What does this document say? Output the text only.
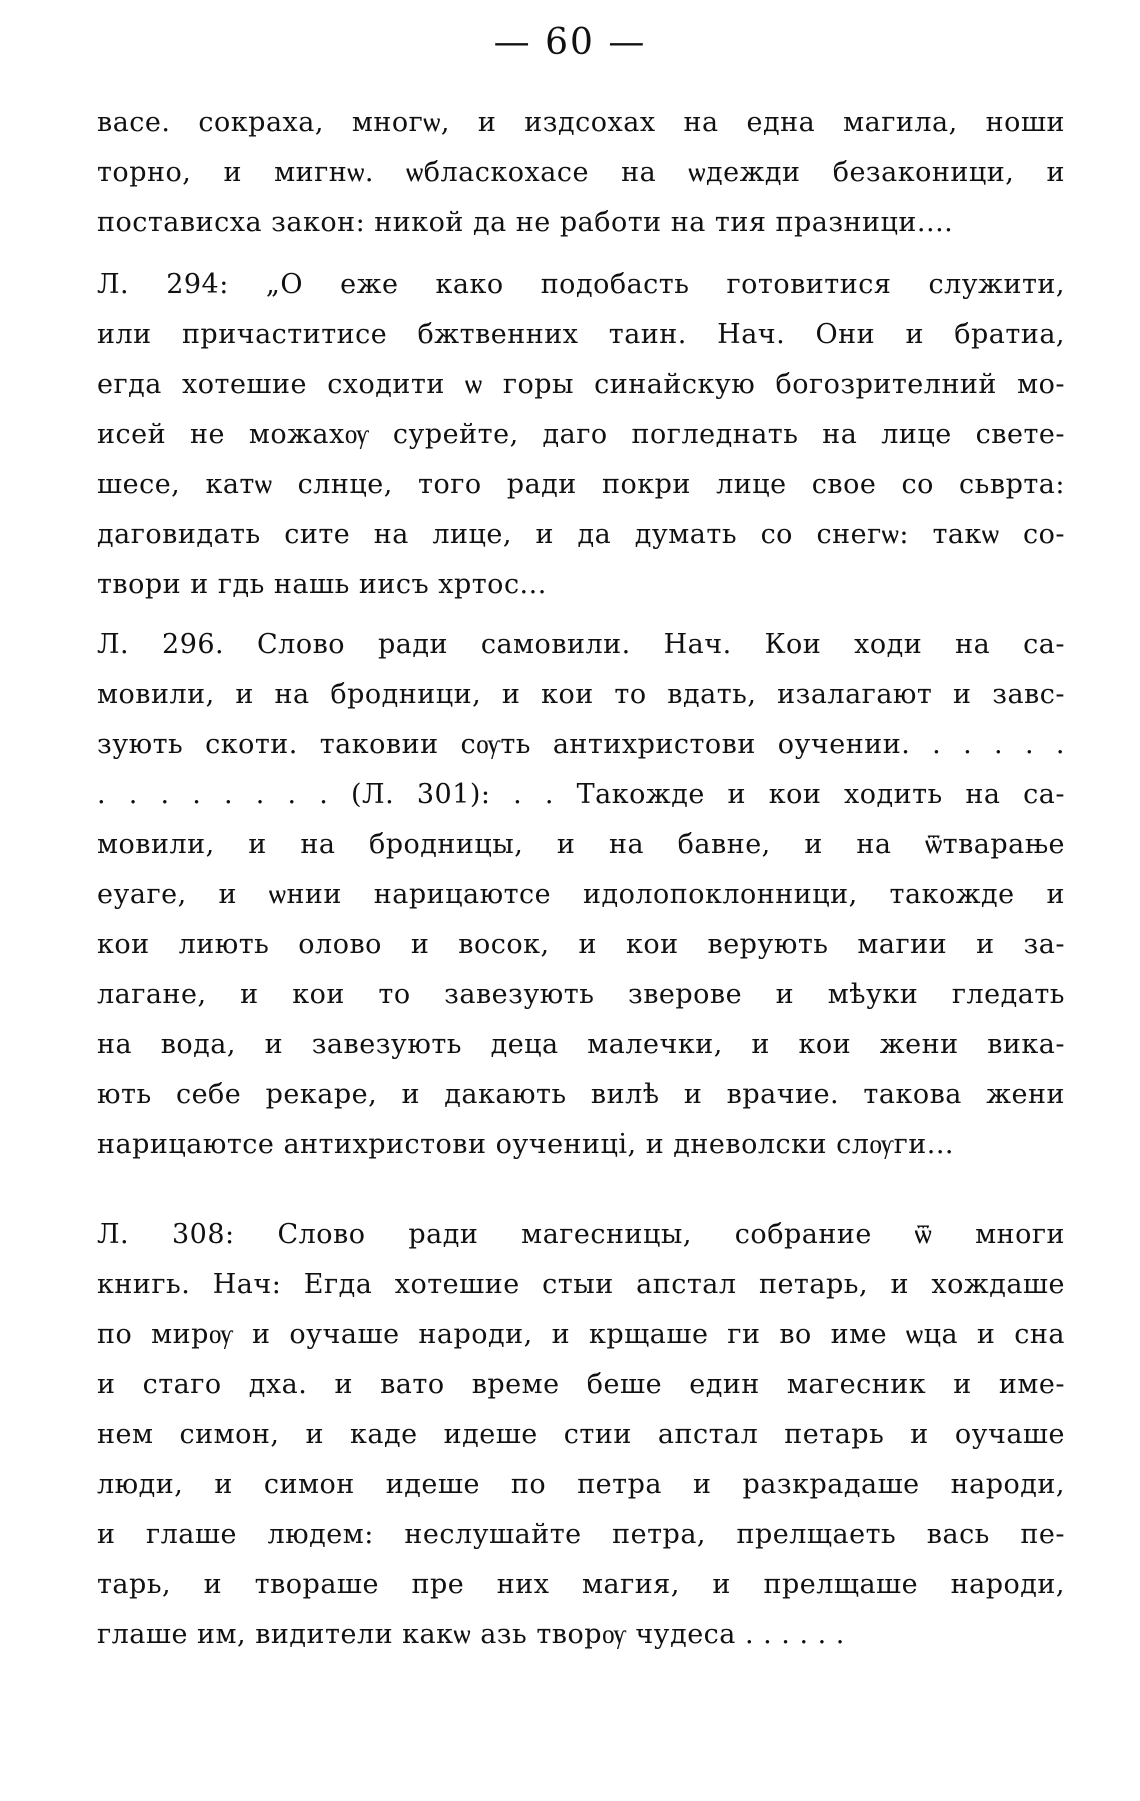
— 60 —
васе. сокраха, многѡ, и издсохах на една магила, ноши
торно, и мигнѡ. ѡбласкохасе на ѡдежди безаконици, и
постависха закон: никой да не работи на тия празници....
Л. 294: „О еже како подобасть готовитися служити,
или причаститисе бжтвенних таин. Нач. Они и братиа,
егда хотешие сходити ѡ горы синайскую богозрителний мо-
исей не можахѹ сурейте, даго погледнать на лице свете-
шесе, катѡ слнце, того ради покри лице свое со сьврта:
даговидать сите на лице, и да думать со снегѡ: такѡ со-
твори и гдь нашь иисъ хртос...
Л. 296. Слово ради самовили. Нач. Кои ходи на са-
мовили, и на бродници, и кои то вдать, изалагают и завс-
зують скоти. таковии сѹть антихристови оучении. . . . . .
. . . . . . . . (Л. 301): . . Такожде и кои ходить на са-
мовили, и на бродницы, и на бавне, и на ѿтварање
еуаге, и ѡнии нарицаютсе идолопоклонници, такожде и
кои лиють олово и восок, и кои верують магии и за-
лагане, и кои то завезують зверове и мѣуки гледать
на вода, и завезують деца малечки, и кои жени вика-
ють себе рекаре, и дакають вилѣ и врачие. такова жени
нарицаютсе антихристови оучениці, и дневолски слѹги...
Л. 308: Слово ради магесницы, собрание ѿ многи
книгь. Нач: Егда хотешие стыи апстал петарь, и хождаше
по мирѹ и оучаше народи, и крщаше ги во име ѡца и сна
и стаго дха. и вато време беше един магесник и име-
нем симон, и каде идеше стии апстал петарь и оучаше
люди, и симон идеше по петра и разкрадаше народи,
и глаше людем: неслушайте петра, прелщаеть вась пе-
тарь, и твораше пре них магия, и прелщаше народи,
глаше им, видители какѡ азь творѹ чудеса . . . . . .
